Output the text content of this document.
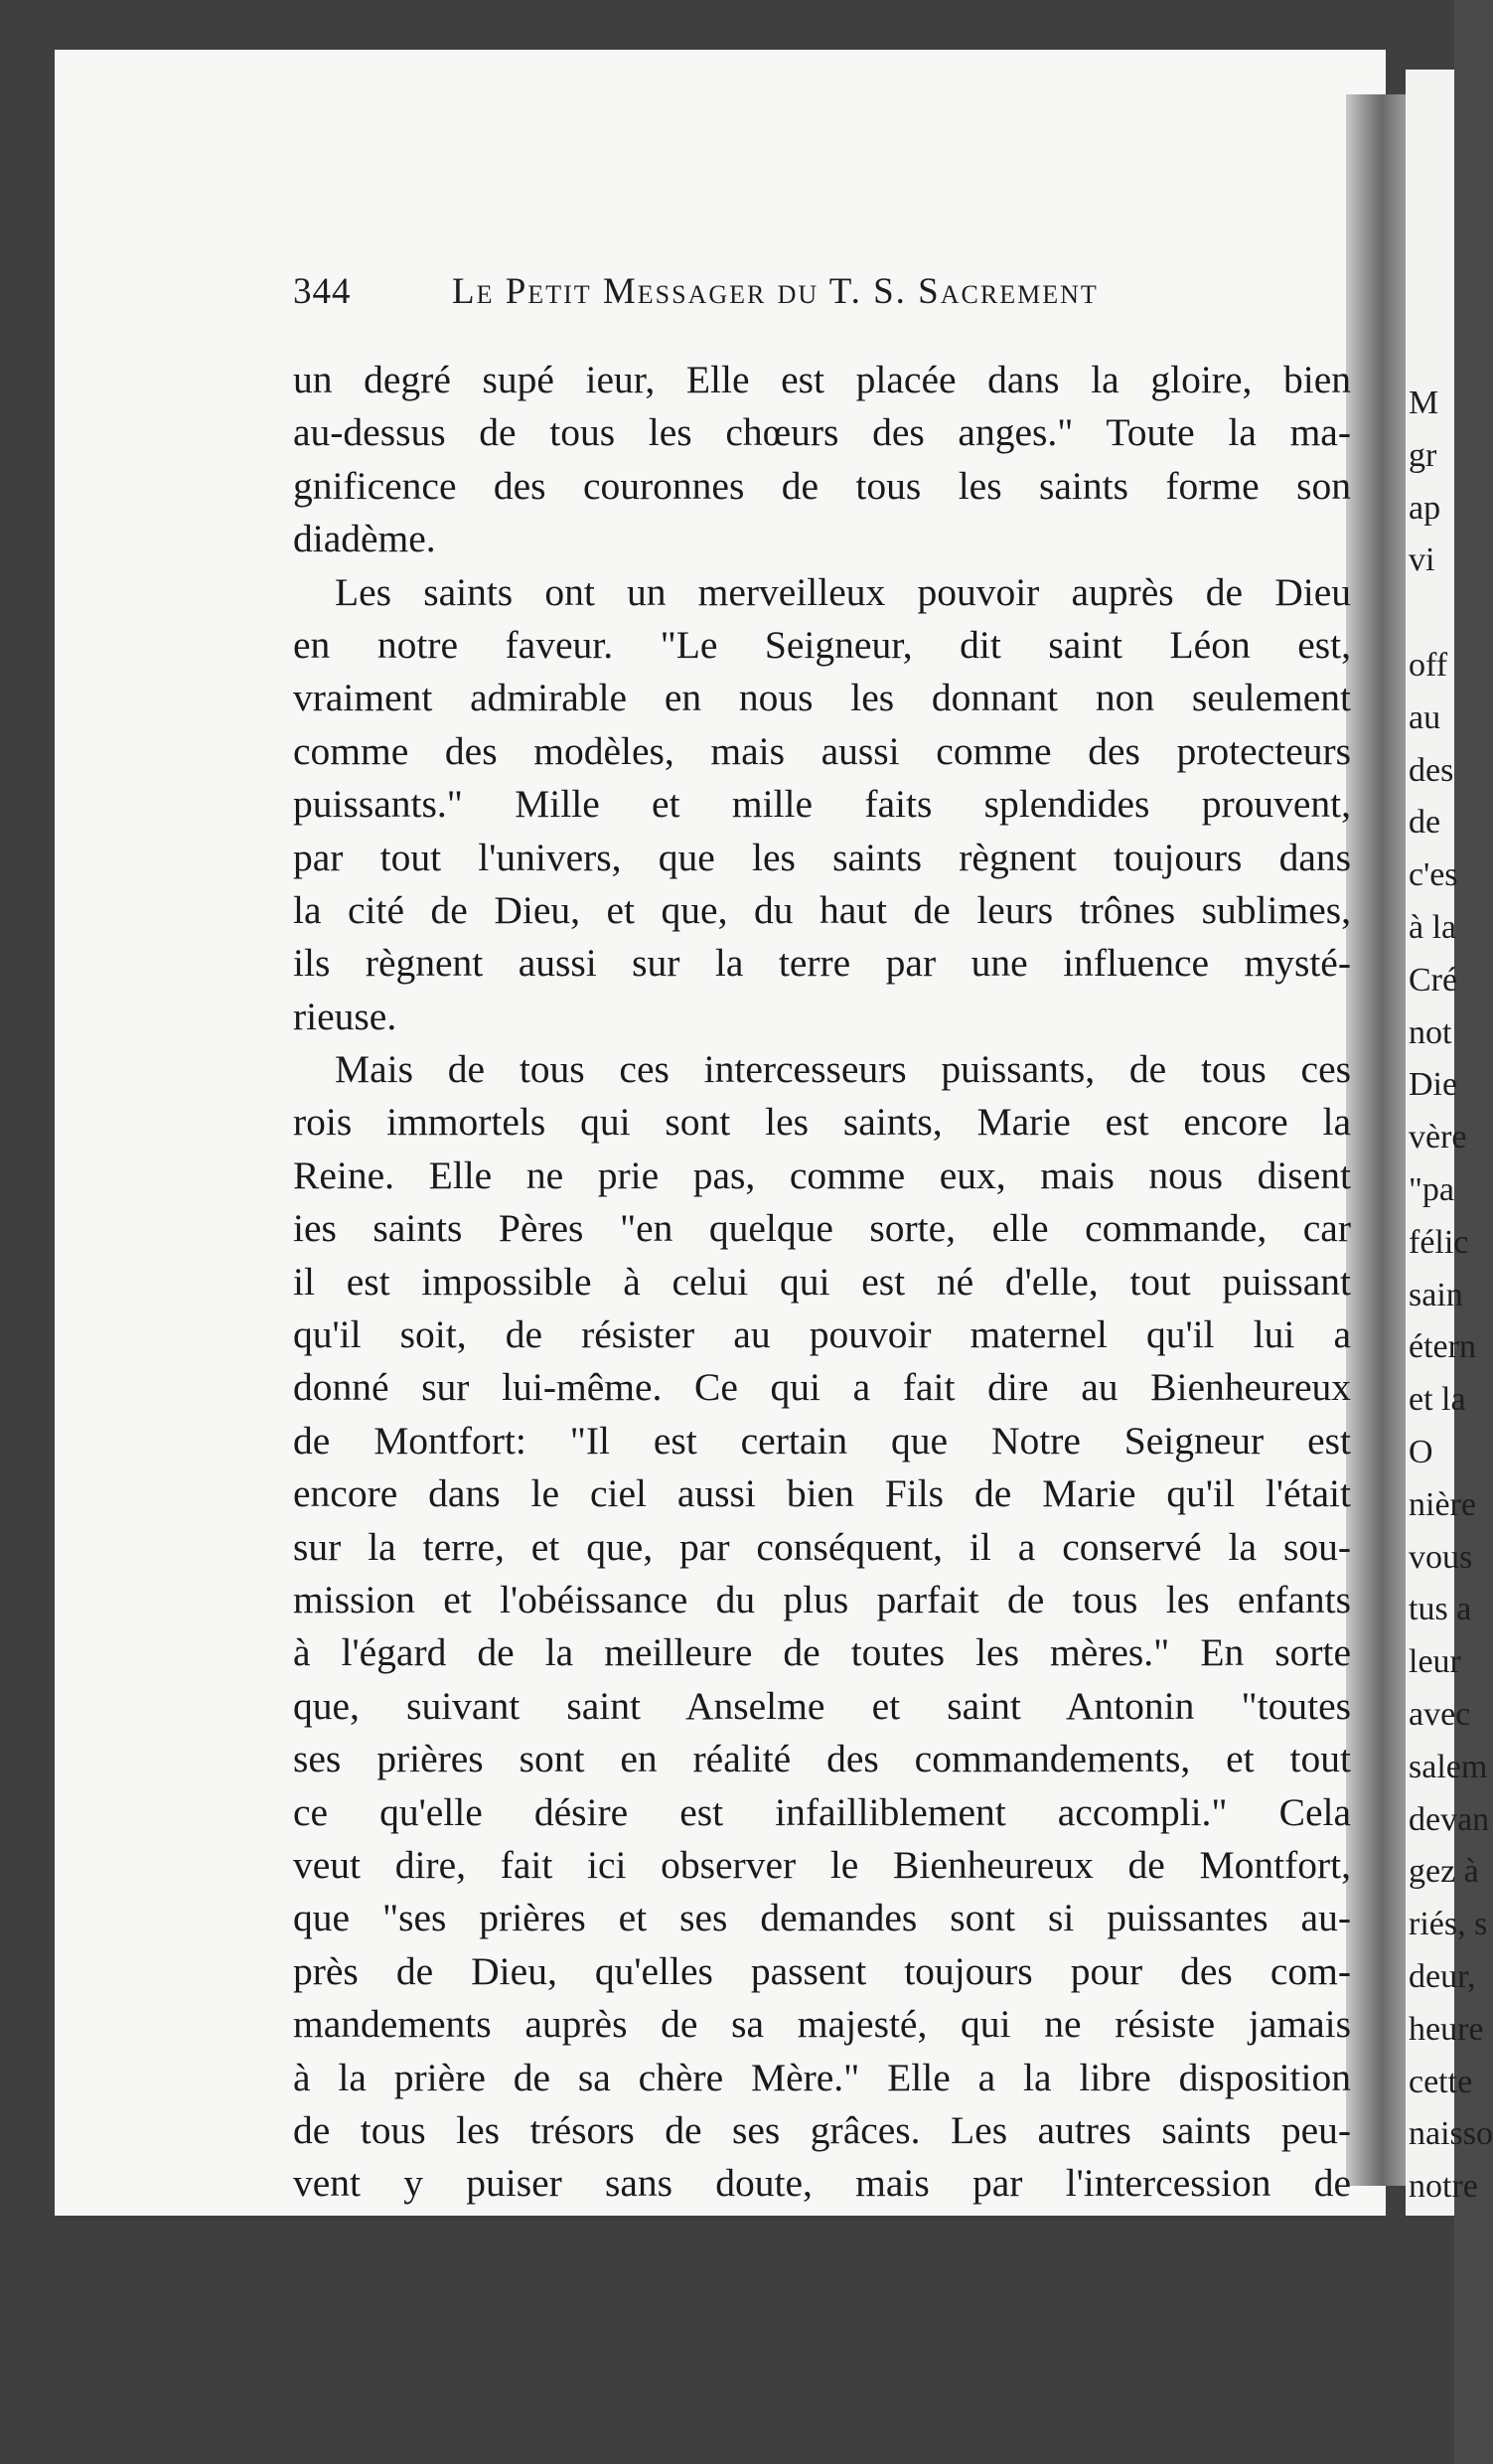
344	Le Petit Messager du T. S. Sacrement
un degré supé ieur, Elle est placée dans la gloire, bien
au-dessus de tous les chœurs des anges." Toute la ma-
gnificence des couronnes de tous les saints forme son
diadème.
Les saints ont un merveilleux pouvoir auprès de Dieu
en notre faveur. "Le Seigneur, dit saint Léon est,
vraiment admirable en nous les donnant non seulement
comme des modèles, mais aussi comme des protecteurs
puissants." Mille et mille faits splendides prouvent,
par tout l'univers, que les saints règnent toujours dans
la cité de Dieu, et que, du haut de leurs trônes sublimes,
ils règnent aussi sur la terre par une influence mysté-
rieuse.
Mais de tous ces intercesseurs puissants, de tous ces
rois immortels qui sont les saints, Marie est encore la
Reine. Elle ne prie pas, comme eux, mais nous disent
ies saints Pères "en quelque sorte, elle commande, car
il est impossible à celui qui est né d'elle, tout puissant
qu'il soit, de résister au pouvoir maternel qu'il lui a
donné sur lui-même. Ce qui a fait dire au Bienheureux
de Montfort: "Il est certain que Notre Seigneur est
encore dans le ciel aussi bien Fils de Marie qu'il l'était
sur la terre, et que, par conséquent, il a conservé la sou-
mission et l'obéissance du plus parfait de tous les enfants
à l'égard de la meilleure de toutes les mères." En sorte
que, suivant saint Anselme et saint Antonin "toutes
ses prières sont en réalité des commandements, et tout
ce qu'elle désire est infailliblement accompli." Cela
veut dire, fait ici observer le Bienheureux de Montfort,
que "ses prières et ses demandes sont si puissantes au-
près de Dieu, qu'elles passent toujours pour des com-
mandements auprès de sa majesté, qui ne résiste jamais
à la prière de sa chère Mère." Elle a la libre disposition
de tous les trésors de ses grâces. Les autres saints peu-
vent y puiser sans doute, mais par l'intercession de
M
gr
ap
vi
off
au
des
de
c'es
à la
Cré
not
Die
vère
"pa
félic
sain
étern
et la
O
nière
vous
tus a
leur
avec
salem
devan
gez à
riés, s
deur,
heure
cette
naisso
notre
